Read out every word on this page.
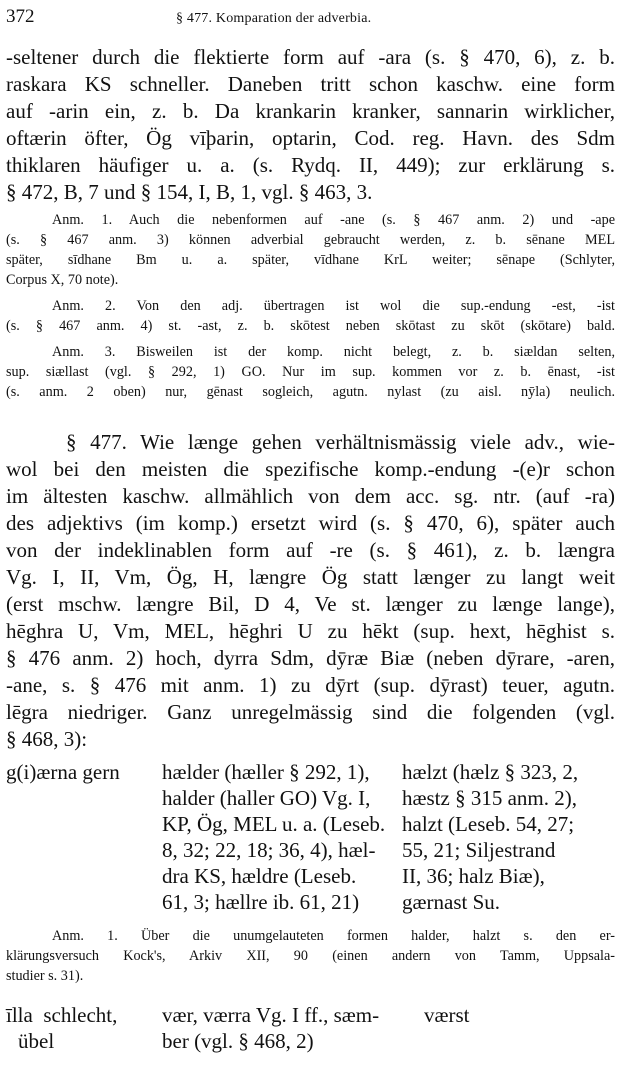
372	§ 477. Komparation der adverbia.
-seltener durch die flektierte form auf -ara (s. § 470, 6), z. b.
raskara KS schneller. Daneben tritt schon kaschw. eine form
auf -arin ein, z. b. Da krankarin kranker, sannarin wirklicher,
oftærin öfter, Ög vīþarin, optarin, Cod. reg. Havn. des Sdm
thiklaren häufiger u. a. (s. Rydq. II, 449); zur erklärung s.
§ 472, B, 7 und § 154, I, B, 1, vgl. § 463, 3.
Anm. 1. Auch die nebenformen auf -ane (s. § 467 anm. 2) und -ape
(s. § 467 anm. 3) können adverbial gebraucht werden, z. b. sēnane MEL
später, sīdhane Bm u. a. später, vīdhane KrL weiter; sēnape (Schlyter,
Corpus X, 70 note).
Anm. 2. Von den adj. übertragen ist wol die sup.-endung -est, -ist
(s. § 467 anm. 4) st. -ast, z. b. skōtest neben skōtast zu skōt (skōtare) bald.
Anm. 3. Bisweilen ist der komp. nicht belegt, z. b. siældan selten,
sup. siællast (vgl. § 292, 1) GO. Nur im sup. kommen vor z. b. ēnast, -ist
(s. anm. 2 oben) nur, gēnast sogleich, agutn. nylast (zu aisl. nȳla) neulich.
§ 477. Wie længe gehen verhältnismässig viele adv., wie-
wol bei den meisten die spezifische komp.-endung -(e)r schon
im ältesten kaschw. allmählich von dem acc. sg. ntr. (auf -ra)
des adjektivs (im komp.) ersetzt wird (s. § 470, 6), später auch
von der indeklinablen form auf -re (s. § 461), z. b. længra
Vg. I, II, Vm, Ög, H, længre Ög statt længer zu langt weit
(erst mschw. længre Bil, D 4, Ve st. længer zu længe lange),
hēghra U, Vm, MEL, hēghri U zu hēkt (sup. hext, hēghist s.
§ 476 anm. 2) hoch, dyrra Sdm, dȳræ Biæ (neben dȳrare, -aren,
-ane, s. § 476 mit anm. 1) zu dȳrt (sup. dȳrast) teuer, agutn.
lēgra niedriger. Ganz unregelmässig sind die folgenden (vgl.
§ 468, 3):
g(i)ærna gern hælder (hæller § 292, 1),
halder (haller GO) Vg. I,
KP, Ög, MEL u. a. (Leseb.
8, 32; 22, 18; 36, 4), hæl-
dra KS, hældre (Leseb.
61, 3; hællre ib. 61, 21)
hælzt (hælz § 323, 2,
hæstz § 315 anm. 2),
halzt (Leseb. 54, 27;
55, 21; Siljestrand
II, 36; halz Biæ),
gærnast Su.
Anm. 1. Über die unumgelauteten formen halder, halzt s. den er-
klärungsversuch Kock's, Arkiv XII, 90 (einen andern von Tamm, Uppsala-
studier s. 31).
īlla  schlecht,
übel
vær, værra Vg. I ff., sæm-
ber (vgl. § 468, 2)
værst
